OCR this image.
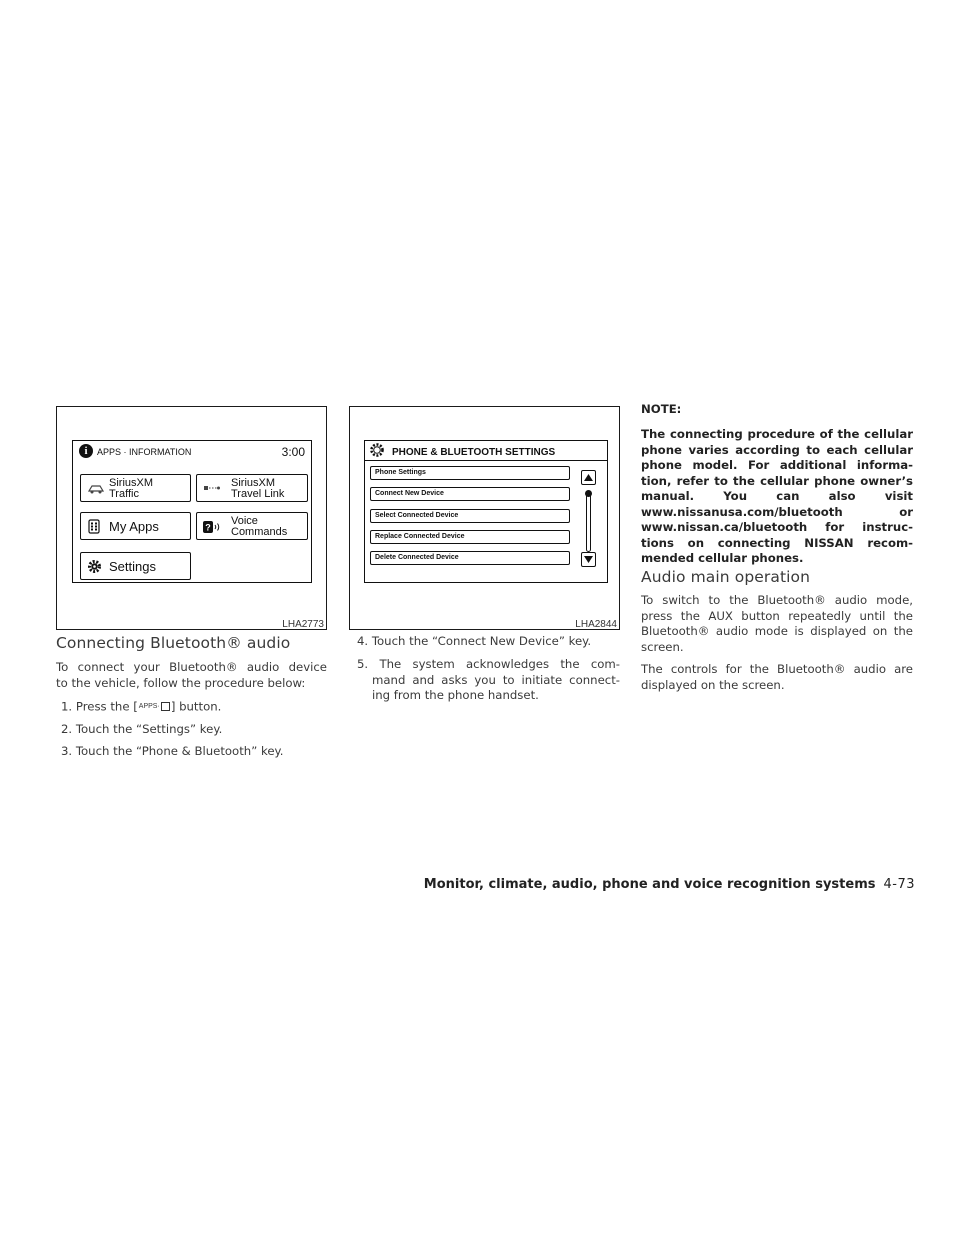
i	APPS · INFORMATION	3:00
SiriusXM
Traffic
SiriusXM
Travel Link
My Apps	?
Voice
Commands
Settings
LHA2773
PHONE & BLUETOOTH SETTINGS
Phone Settings
Connect New Device
Select Connected Device
Replace Connected Device
Delete Connected Device
LHA2844
Connecting Bluetooth® audio
To connect your Bluetooth® audio device
to the vehicle, follow the procedure below:
1. Press the [APPS· ] button.
2. Touch the “Settings” key.
3. Touch the “Phone & Bluetooth” key.
4. Touch the “Connect New Device” key.
5. The system acknowledges the com-
mand and asks you to initiate connect-
ing from the phone handset.
NOTE:
The connecting procedure of the cellular
phone varies according to each cellular
phone model. For additional informa-
tion, refer to the cellular phone owner’s
manual. You can also visit
www.nissanusa.com/bluetooth or
www.nissan.ca/bluetooth for instruc-
tions on connecting NISSAN recom-
mended cellular phones.
Audio main operation
To switch to the Bluetooth® audio mode,
press the AUX button repeatedly until the
Bluetooth® audio mode is displayed on the
screen.
The controls for the Bluetooth® audio are
displayed on the screen.
Monitor, climate, audio, phone and voice recognition systems 4-73
